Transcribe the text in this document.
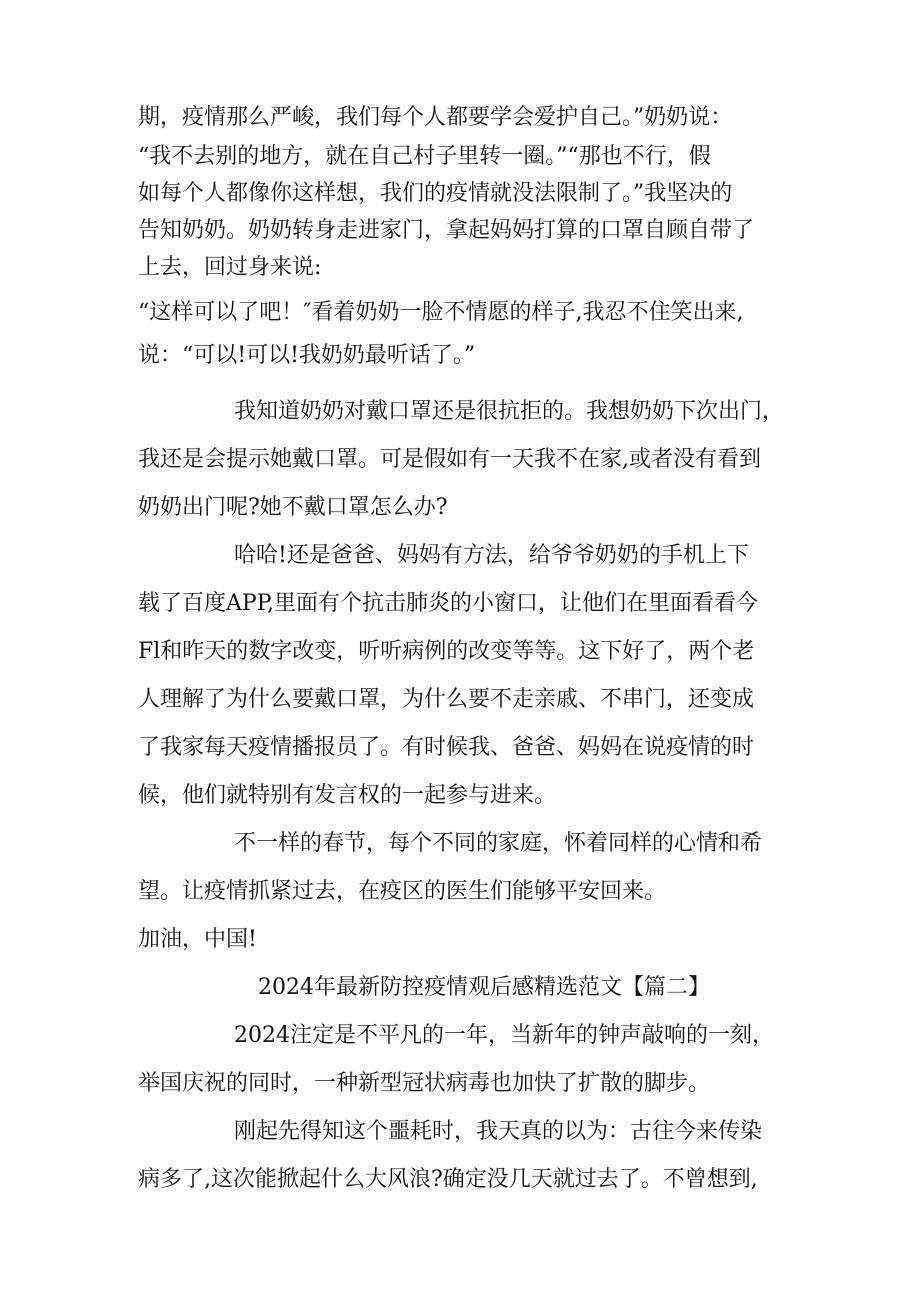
期，疫情那么严峻，我们每个人都要学会爱护自己。”奶奶说：
“我不去别的地方，就在自己村子里转一圈。”“那也不行，假
如每个人都像你这样想，我们的疫情就没法限制了。”我坚决的
告知奶奶。奶奶转身走进家门，拿起妈妈打算的口罩自顾自带了
上去，回过身来说:
“这样可以了吧！″看着奶奶一脸不情愿的样子,我忍不住笑出来,
说：“可以!可以!我奶奶最听话了。”
我知道奶奶对戴口罩还是很抗拒的。我想奶奶下次出门，
我还是会提示她戴口罩。可是假如有一天我不在家,或者没有看到
奶奶出门呢?她不戴口罩怎么办?
哈哈!还是爸爸、妈妈有方法，给爷爷奶奶的手机上下
载了百度APP,里面有个抗击肺炎的小窗口，让他们在里面看看今
Fl和昨天的数字改变，听听病例的改变等等。这下好了，两个老
人理解了为什么要戴口罩，为什么要不走亲戚、不串门，还变成
了我家每天疫情播报员了。有时候我、爸爸、妈妈在说疫情的时
候，他们就特别有发言权的一起参与进来。
不一样的春节，每个不同的家庭，怀着同样的心情和希
望。让疫情抓紧过去，在疫区的医生们能够平安回来。
加油，中国!
2024年最新防控疫情观后感精选范文【篇二】
2024注定是不平凡的一年，当新年的钟声敲响的一刻，
举国庆祝的同时，一种新型冠状病毒也加快了扩散的脚步。
刚起先得知这个噩耗时，我天真的以为：古往今来传染
病多了,这次能掀起什么大风浪?确定没几天就过去了。不曾想到,
